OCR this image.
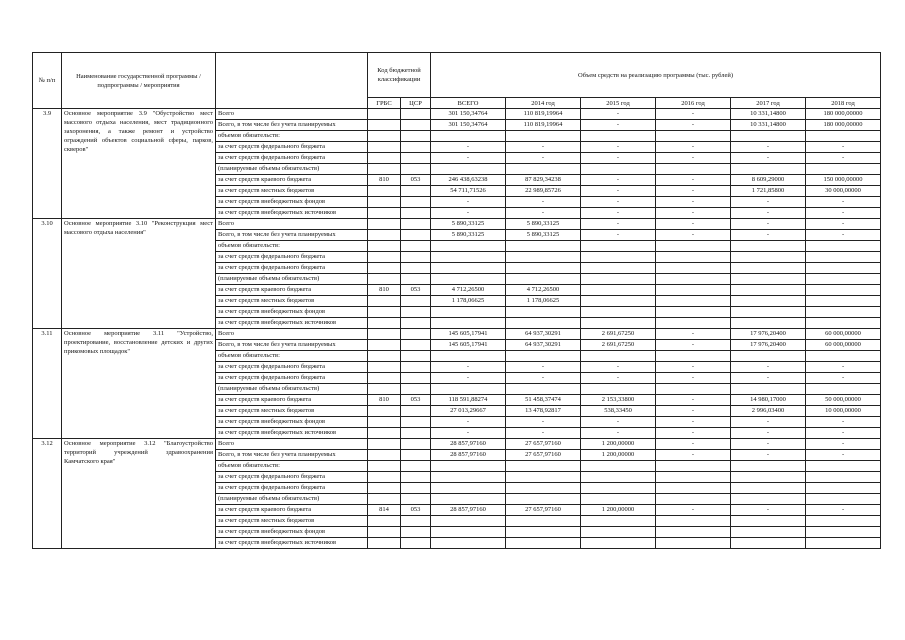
№ п/п	Наименование государственной программы / подпрограммы / мероприятия		Код бюджетной классификации		Объем средств на реализацию программы (тыс. рублей)					
			ГРБС	ЦСР	ВСЕГО	2014 год	2015 год	2016 год	2017 год	2018 год
3.9	Основное мероприятие 3.9 "Обустройство мест массового отдыха населения, мест традиционного захоронения, а также ремонт и устройство ограждений объектов социальной сферы, парков, скверов"	Всего			301 150,34764	110 819,19964	-	-	10 331,14800	180 000,00000
		Всего, в том числе без учета планируемых			301 150,34764	110 819,19964	-	-	10 331,14800	180 000,00000
		объемов обязательств:								
		за счет средств федерального бюджета			-	-	-	-	-	-
		за счет средств федерального бюджета			-	-	-	-	-	-
		(планируемые объемы обязательств)								
		за счет средств краевого бюджета	810	053	246 438,63238	87 829,34238	-	-	8 609,29000	150 000,00000
		за счет средств местных бюджетов			54 711,71526	22 989,85726	-	-	1 721,85800	30 000,00000
		за счет средств внебюджетных фондов			-	-	-	-	-	-
		за счет средств внебюджетных источников			-	-	-	-	-	-
3.10	Основное мероприятие 3.10 "Реконструкция мест массового отдыха населения"	Всего			5 890,33125	5 890,33125	-	-	-	-
		Всего, в том числе без учета планируемых			5 890,33125	5 890,33125	-	-	-	-
		объемов обязательств:								
		за счет средств федерального бюджета								
		за счет средств федерального бюджета								
		(планируемые объемы обязательств)								
		за счет средств краевого бюджета	810	053	4 712,26500	4 712,26500				
		за счет средств местных бюджетов			1 178,06625	1 178,06625				
		за счет средств внебюджетных фондов								
		за счет средств внебюджетных источников								
3.11	Основное мероприятие 3.11 "Устройство, проектирование, восстановление детских и других прикомовых площадок"	Всего			145 605,17941	64 937,30291	2 691,67250	-	17 976,20400	60 000,00000
		Всего, в том числе без учета планируемых			145 605,17941	64 937,30291	2 691,67250	-	17 976,20400	60 000,00000
		объемов обязательств:								
		за счет средств федерального бюджета			-	-	-	-	-	-
		за счет средств федерального бюджета			-	-	-	-	-	-
		(планируемые объемы обязательств)								
		за счет средств краевого бюджета	810	053	118 591,88274	51 458,37474	2 153,33800	-	14 980,17000	50 000,00000
		за счет средств местных бюджетов			27 013,29667	13 478,92817	538,33450	-	2 996,03400	10 000,00000
		за счет средств внебюджетных фондов			-	-	-	-	-	-
		за счет средств внебюджетных источников			-	-	-	-	-	-
3.12	Основное мероприятие 3.12 "Благоустройство территорий учреждений здравоохранения Камчатского края"	Всего			28 857,97160	27 657,97160	1 200,00000	-	-	-
		Всего, в том числе без учета планируемых			28 857,97160	27 657,97160	1 200,00000	-	-	-
		объемов обязательств:								
		за счет средств федерального бюджета								
		за счет средств федерального бюджета								
		(планируемые объемы обязательств)								
		за счет средств краевого бюджета	814	053	28 857,97160	27 657,97160	1 200,00000	-	-	-
		за счет средств местных бюджетов								
		за счет средств внебюджетных фондов								
		за счет средств внебюджетных источников								
